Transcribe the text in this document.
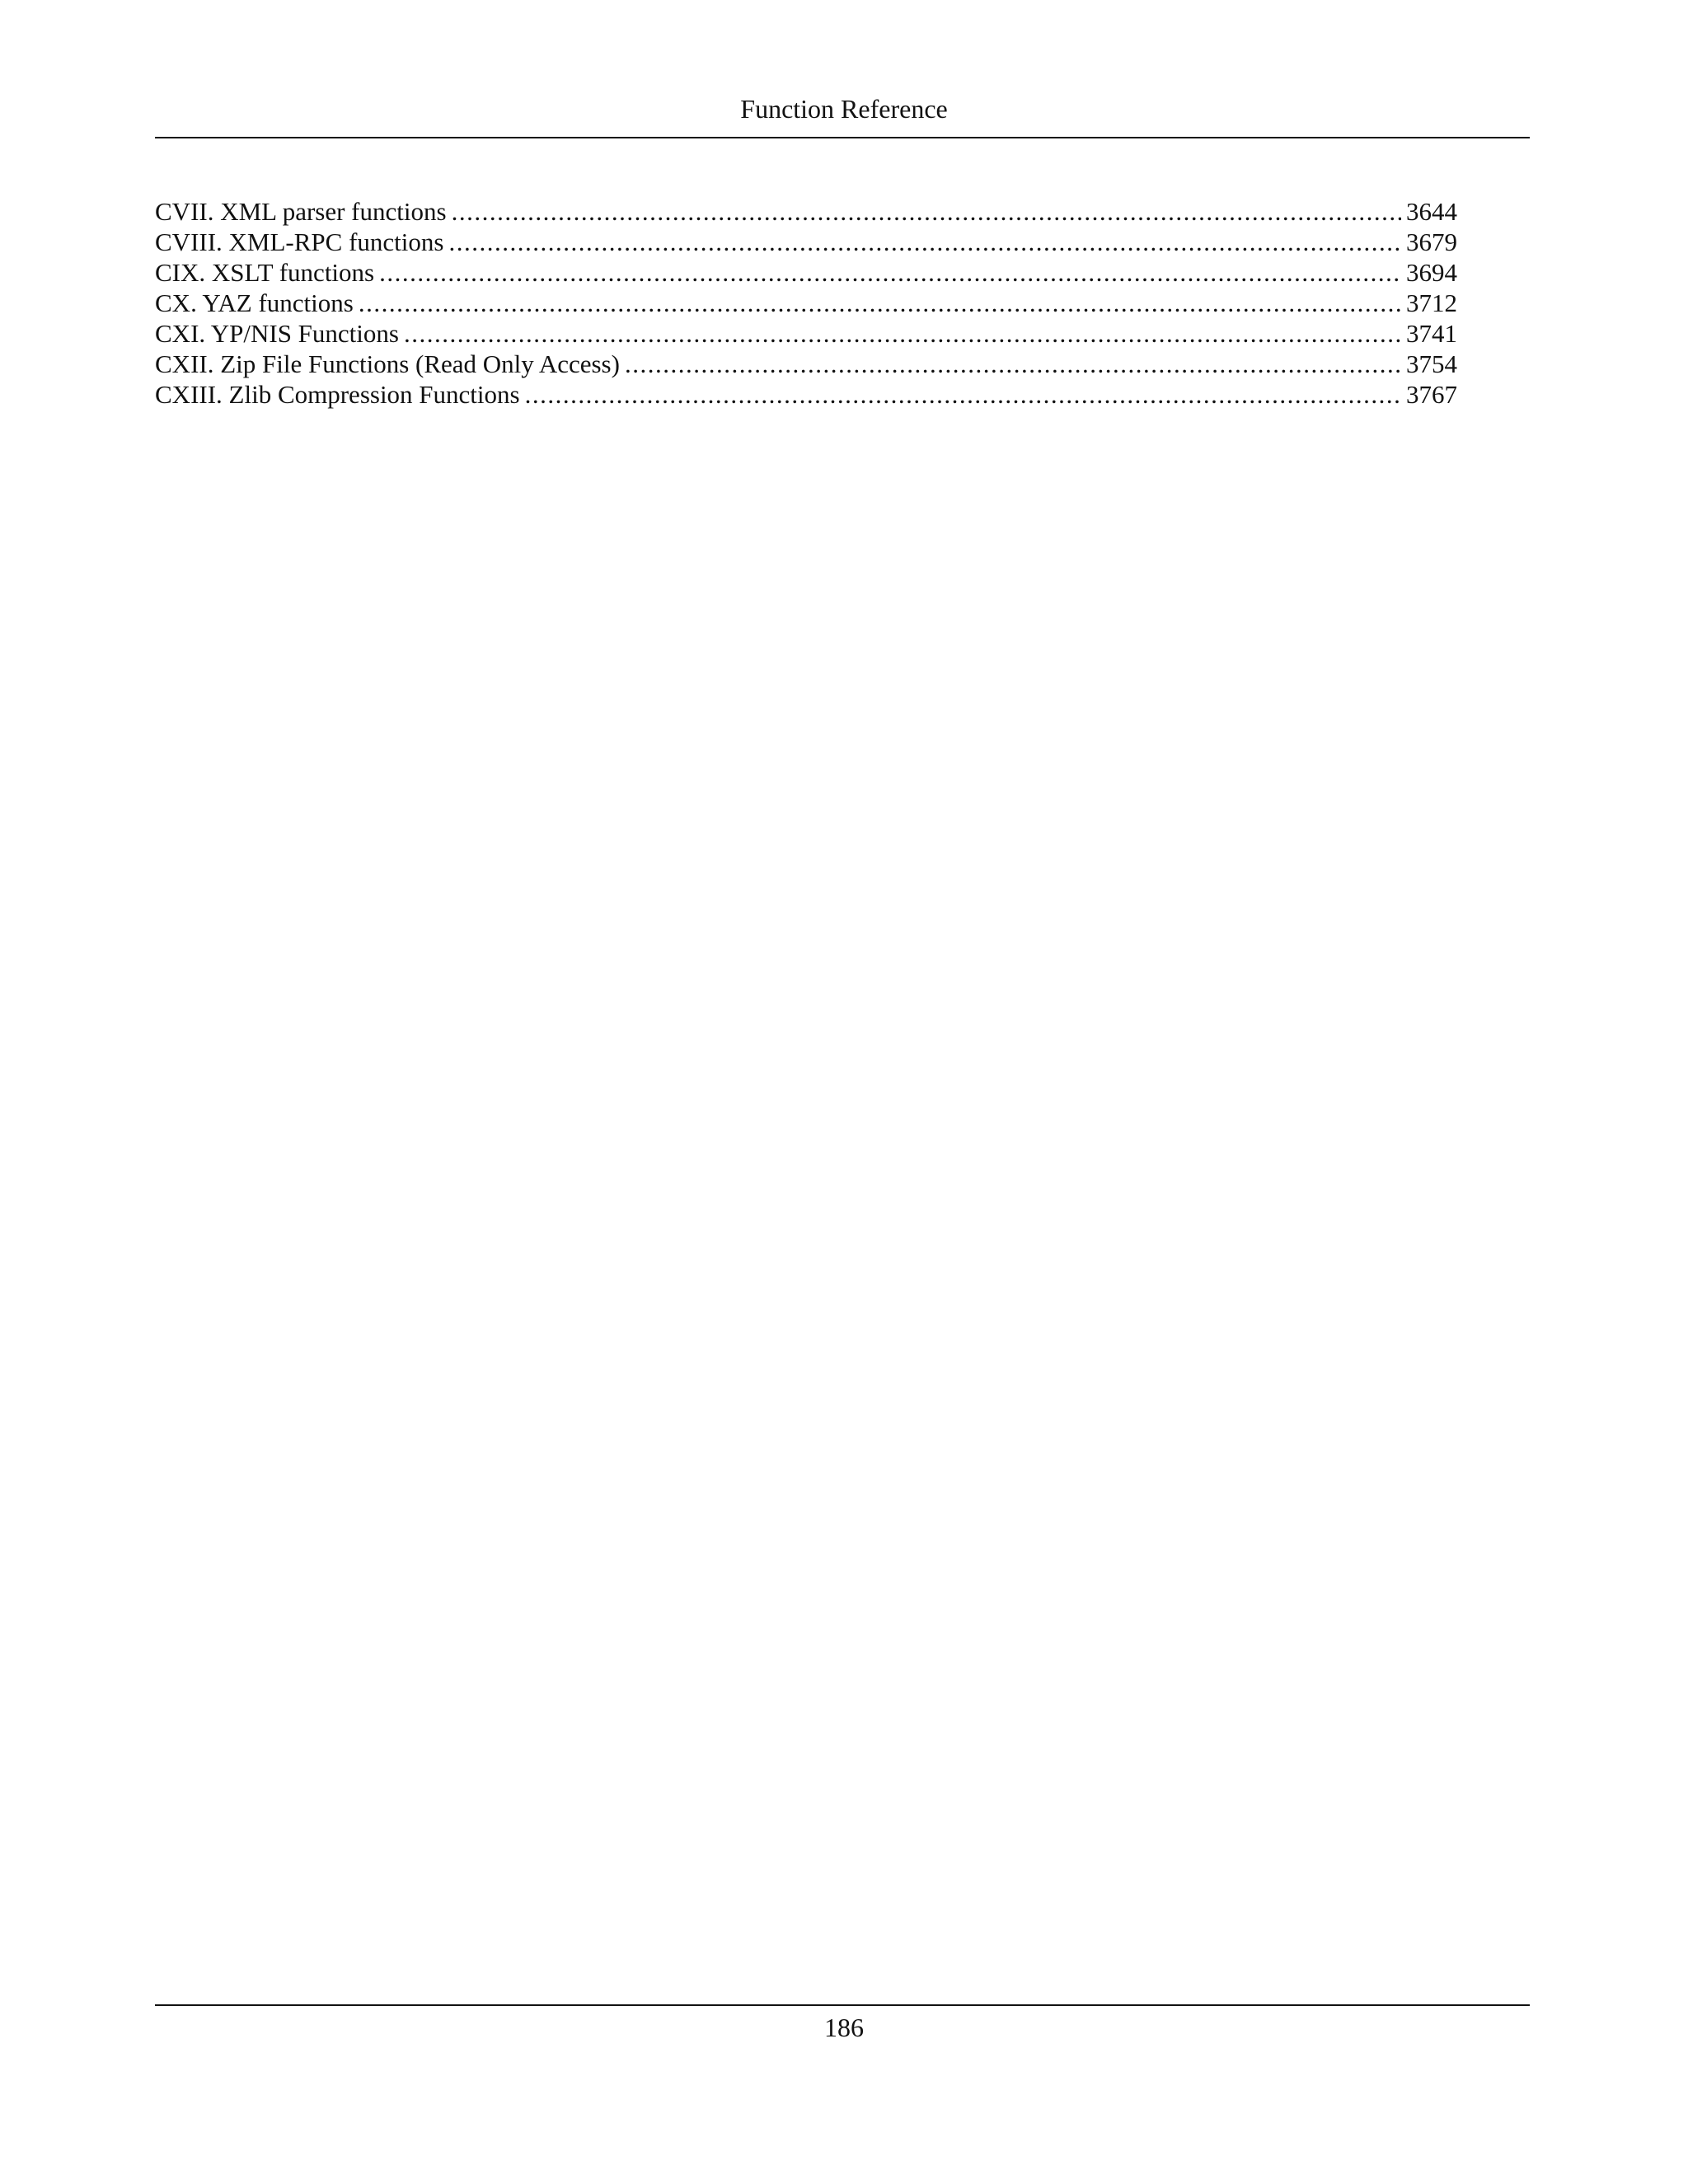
Function Reference
CVII. XML parser functions .....	3644
CVIII. XML-RPC functions .....	3679
CIX. XSLT functions .....	3694
CX. YAZ functions .....	3712
CXI. YP/NIS Functions .....	3741
CXII. Zip File Functions (Read Only Access) .....	3754
CXIII. Zlib Compression Functions .....	3767
186
